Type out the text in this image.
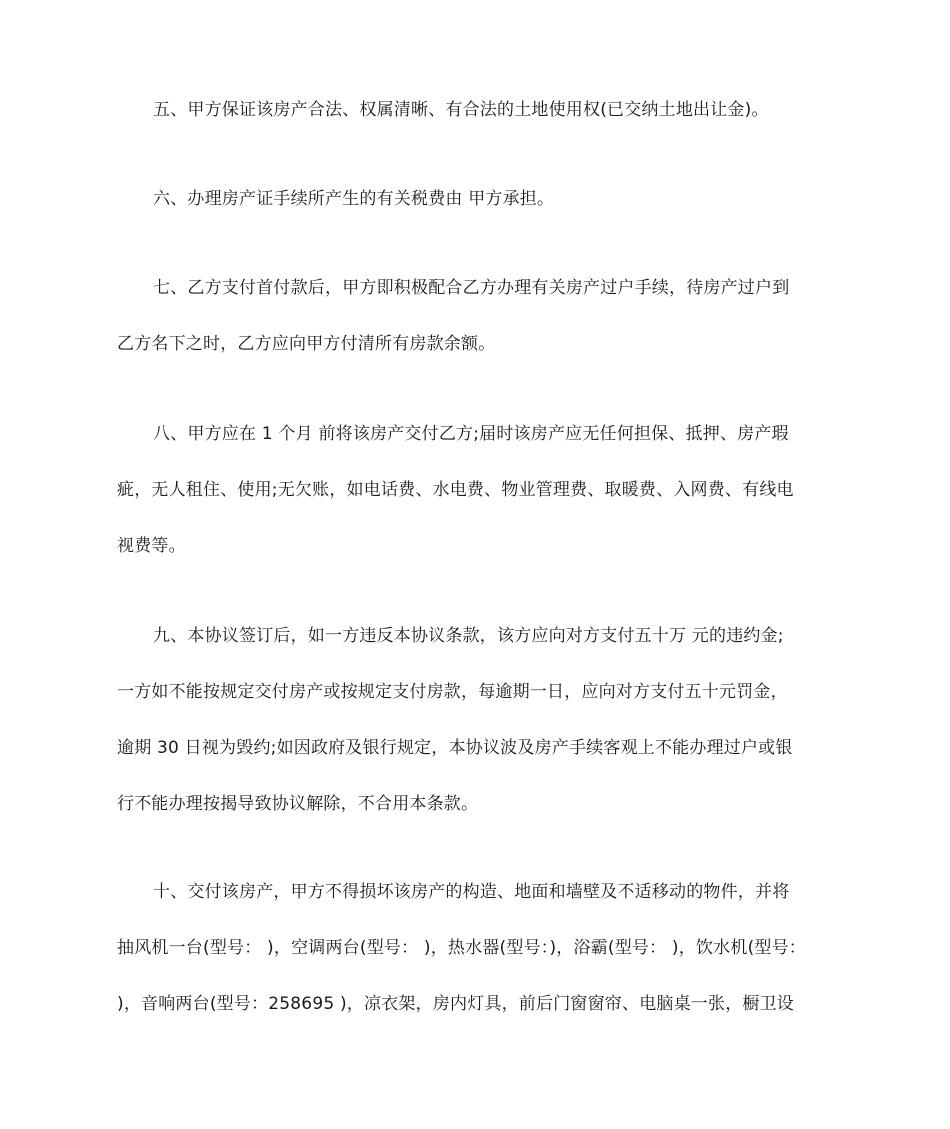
五、甲方保证该房产合法、权属清晰、有合法的土地使用权(已交纳土地出让金)。
六、办理房产证手续所产生的有关税费由 甲方承担。
七、乙方支付首付款后，甲方即积极配合乙方办理有关房产过户手续，待房产过户到
乙方名下之时，乙方应向甲方付清所有房款余额。
八、甲方应在 1 个月 前将该房产交付乙方;届时该房产应无任何担保、抵押、房产瑕
疵，无人租住、使用;无欠账，如电话费、水电费、物业管理费、取暖费、入网费、有线电
视费等。
九、本协议签订后，如一方违反本协议条款，该方应向对方支付五十万 元的违约金;
一方如不能按规定交付房产或按规定支付房款，每逾期一日，应向对方支付五十元罚金，
逾期 30 日视为毁约;如因政府及银行规定，本协议波及房产手续客观上不能办理过户或银
行不能办理按揭导致协议解除，不合用本条款。
十、交付该房产，甲方不得损坏该房产的构造、地面和墙壁及不适移动的物件，并将
抽风机一台(型号： )，空调两台(型号： )，热水器(型号：)，浴霸(型号： )，饮水机(型号：
)，音响两台(型号：258695 )，凉衣架，房内灯具，前后门窗窗帘、电脑桌一张，橱卫设
